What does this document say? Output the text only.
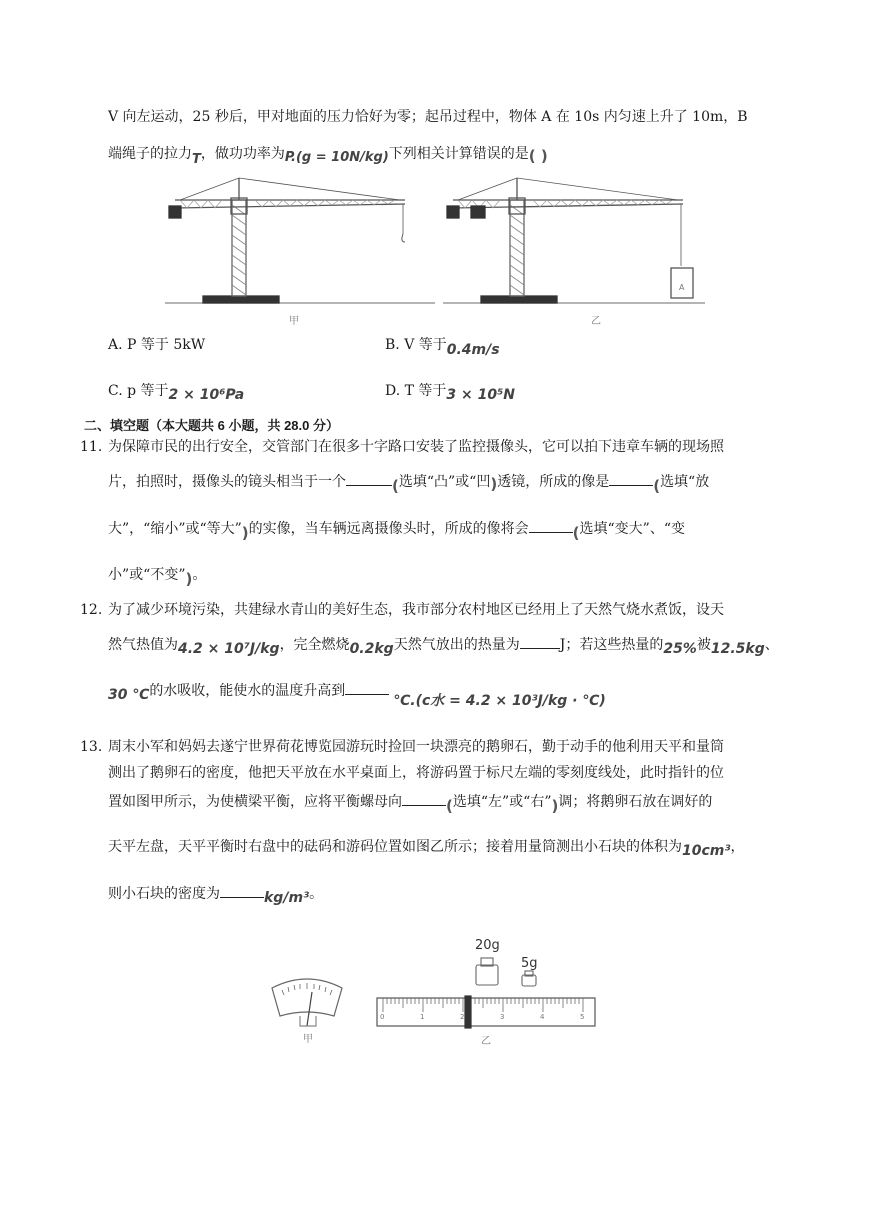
V 向左运动，25 秒后，甲对地面的压力恰好为零；起吊过程中，物体 A 在 10s 内匀速上升了 10m，B
端绳子的拉力T，做功功率为P.(g = 10N/kg)下列相关计算错误的是( )
甲	乙
A
A. P 等于 5kW	B. V 等于0.4m/s
C. p 等于2 × 10⁶Pa	D. T 等于3 × 10⁵N
二、填空题（本大题共 6 小题，共 28.0 分）
11. 为保障市民的出行安全，交管部门在很多十字路口安装了监控摄像头，它可以拍下违章车辆的现场照
片，拍照时，摄像头的镜头相当于一个	(选填“凸”或“凹)透镜，所成的像是	(选填“放
大”，“缩小”或“等大”)的实像，当车辆远离摄像头时，所成的像将会	(选填“变大”、“变
小”或“不变”)。
12. 为了减少环境污染，共建绿水青山的美好生态，我市部分农村地区已经用上了天然气烧水煮饭，设天
然气热值为4.2 × 10⁷J/kg，完全燃烧0.2kg天然气放出的热量为	J；若这些热量的25%被12.5kg、
30 ℃的水吸收，能使水的温度升高到℃.(c水 = 4.2 × 10³J/kg · ℃)
13. 周末小军和妈妈去遂宁世界荷花博览园游玩时捡回一块漂亮的鹅卵石，勤于动手的他利用天平和量筒
测出了鹅卵石的密度，他把天平放在水平桌面上，将游码置于标尺左端的零刻度线处，此时指针的位
置如图甲所示，为使横梁平衡，应将平衡螺母向	(选填“左”或“右”)调；将鹅卵石放在调好的
天平左盘，天平平衡时右盘中的砝码和游码位置如图乙所示；接着用量筒测出小石块的体积为10cm³，
则小石块的密度为	kg/m³。
20g
5g
甲	乙
0	1	2	3	4	5
